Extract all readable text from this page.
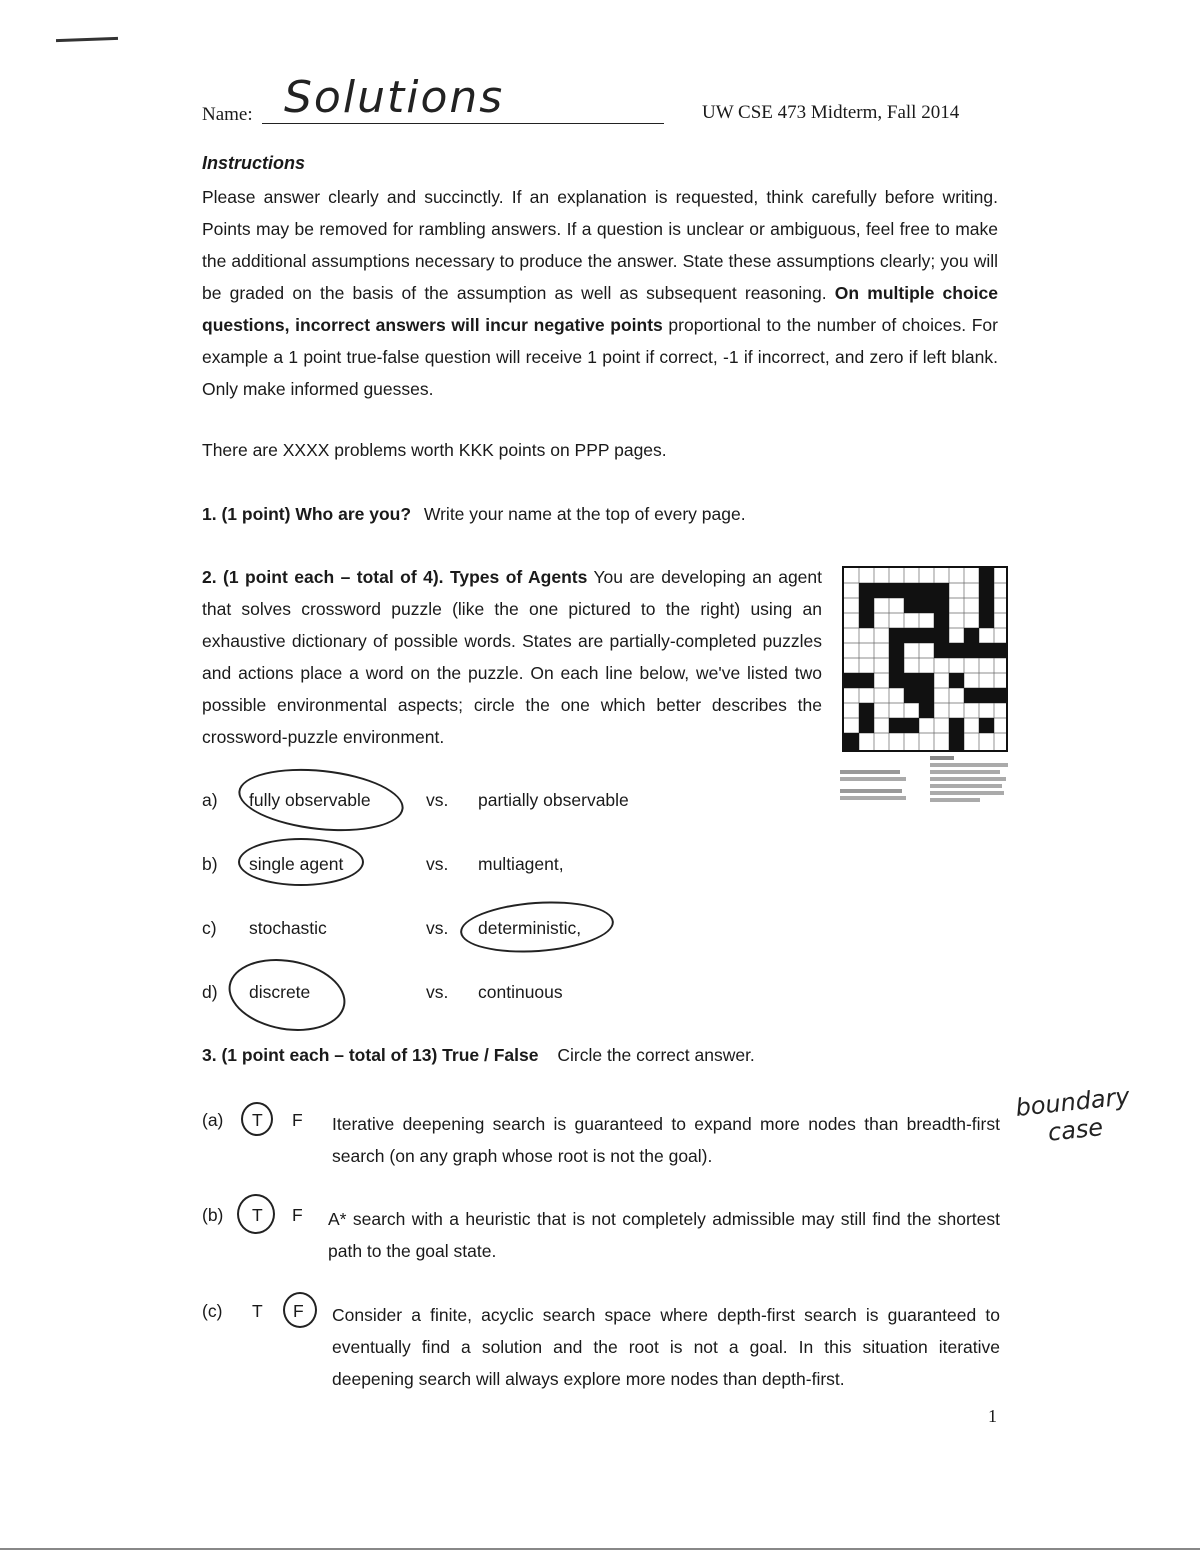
Name: Solutions	UW CSE 473 Midterm, Fall 2014
Instructions
Please answer clearly and succinctly. If an explanation is requested, think carefully before writing. Points may be removed for rambling answers. If a question is unclear or ambiguous, feel free to make the additional assumptions necessary to produce the answer. State these assumptions clearly; you will be graded on the basis of the assumption as well as subsequent reasoning. On multiple choice questions, incorrect answers will incur negative points proportional to the number of choices. For example a 1 point true-false question will receive 1 point if correct, -1 if incorrect, and zero if left blank. Only make informed guesses.
There are XXXX problems worth KKK points on PPP pages.
1. (1 point) Who are you? Write your name at the top of every page.
2. (1 point each – total of 4). Types of Agents You are developing an agent that solves crossword puzzle (like the one pictured to the right) using an exhaustive dictionary of possible words. States are partially-completed puzzles and actions place a word on the puzzle. On each line below, we've listed two possible environmental aspects; circle the one which better describes the crossword-puzzle environment.
a) fully observable	vs. partially observable
b) single agent	vs. multiagent,
c) stochastic	vs. deterministic,
d) discrete	vs. continuous
3. (1 point each – total of 13) True / False Circle the correct answer.
(a) T F Iterative deepening search is guaranteed to expand more nodes than breadth-first search (on any graph whose root is not the goal).
(b) T F A* search with a heuristic that is not completely admissible may still find the shortest path to the goal state.
(c) T F Consider a finite, acyclic search space where depth-first search is guaranteed to eventually find a solution and the root is not a goal. In this situation iterative deepening search will always explore more nodes than depth-first.
boundary case
1
